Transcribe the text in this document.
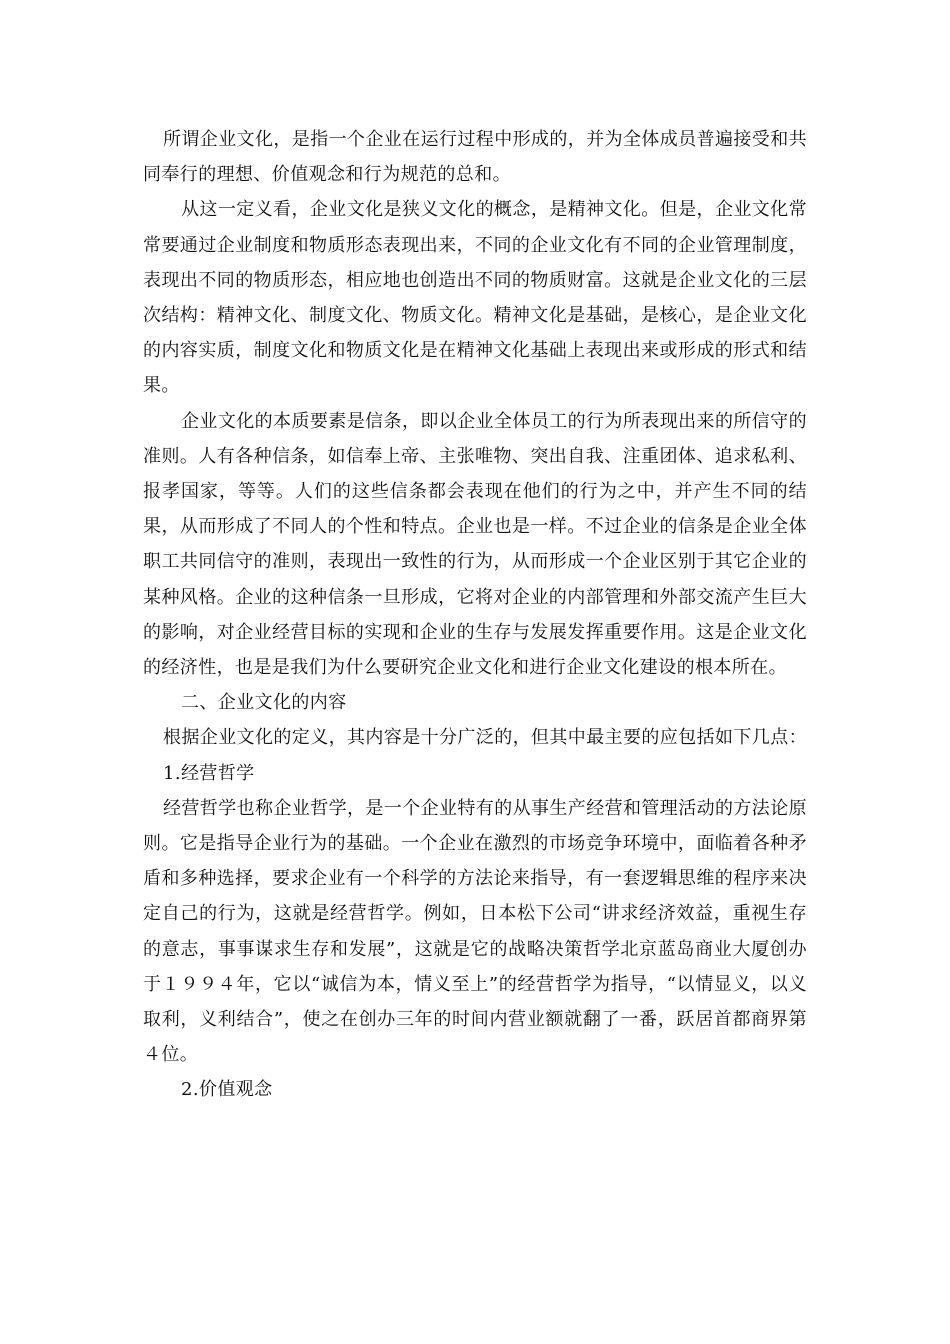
所谓企业文化，是指一个企业在运行过程中形成的，并为全体成员普遍接受和共同奉行的理想、价值观念和行为规范的总和。

从这一定义看，企业文化是狭义文化的概念，是精神文化。但是，企业文化常常要通过企业制度和物质形态表现出来，不同的企业文化有不同的企业管理制度，表现出不同的物质形态，相应地也创造出不同的物质财富。这就是企业文化的三层次结构：精神文化、制度文化、物质文化。精神文化是基础，是核心，是企业文化的内容实质，制度文化和物质文化是在精神文化基础上表现出来或形成的形式和结果。

企业文化的本质要素是信条，即以企业全体员工的行为所表现出来的所信守的准则。人有各种信条，如信奉上帝、主张唯物、突出自我、注重团体、追求私利、报孝国家，等等。人们的这些信条都会表现在他们的行为之中，并产生不同的结果，从而形成了不同人的个性和特点。企业也是一样。不过企业的信条是企业全体职工共同信守的准则，表现出一致性的行为，从而形成一个企业区别于其它企业的某种风格。企业的这种信条一旦形成，它将对企业的内部管理和外部交流产生巨大的影响，对企业经营目标的实现和企业的生存与发展发挥重要作用。这是企业文化的经济性，也是是我们为什么要研究企业文化和进行企业文化建设的根本所在。

二、企业文化的内容

根据企业文化的定义，其内容是十分广泛的，但其中最主要的应包括如下几点：

1.经营哲学

经营哲学也称企业哲学，是一个企业特有的从事生产经营和管理活动的方法论原则。它是指导企业行为的基础。一个企业在激烈的市场竞争环境中，面临着各种矛盾和多种选择，要求企业有一个科学的方法论来指导，有一套逻辑思维的程序来决定自己的行为，这就是经营哲学。例如，日本松下公司“讲求经济效益，重视生存的意志，事事谋求生存和发展”，这就是它的战略决策哲学北京蓝岛商业大厦创办于１９９４年，它以“诚信为本，情义至上”的经营哲学为指导，“以情显义，以义取利，义利结合”，使之在创办三年的时间内营业额就翻了一番，跃居首都商界第４位。

2.价值观念
